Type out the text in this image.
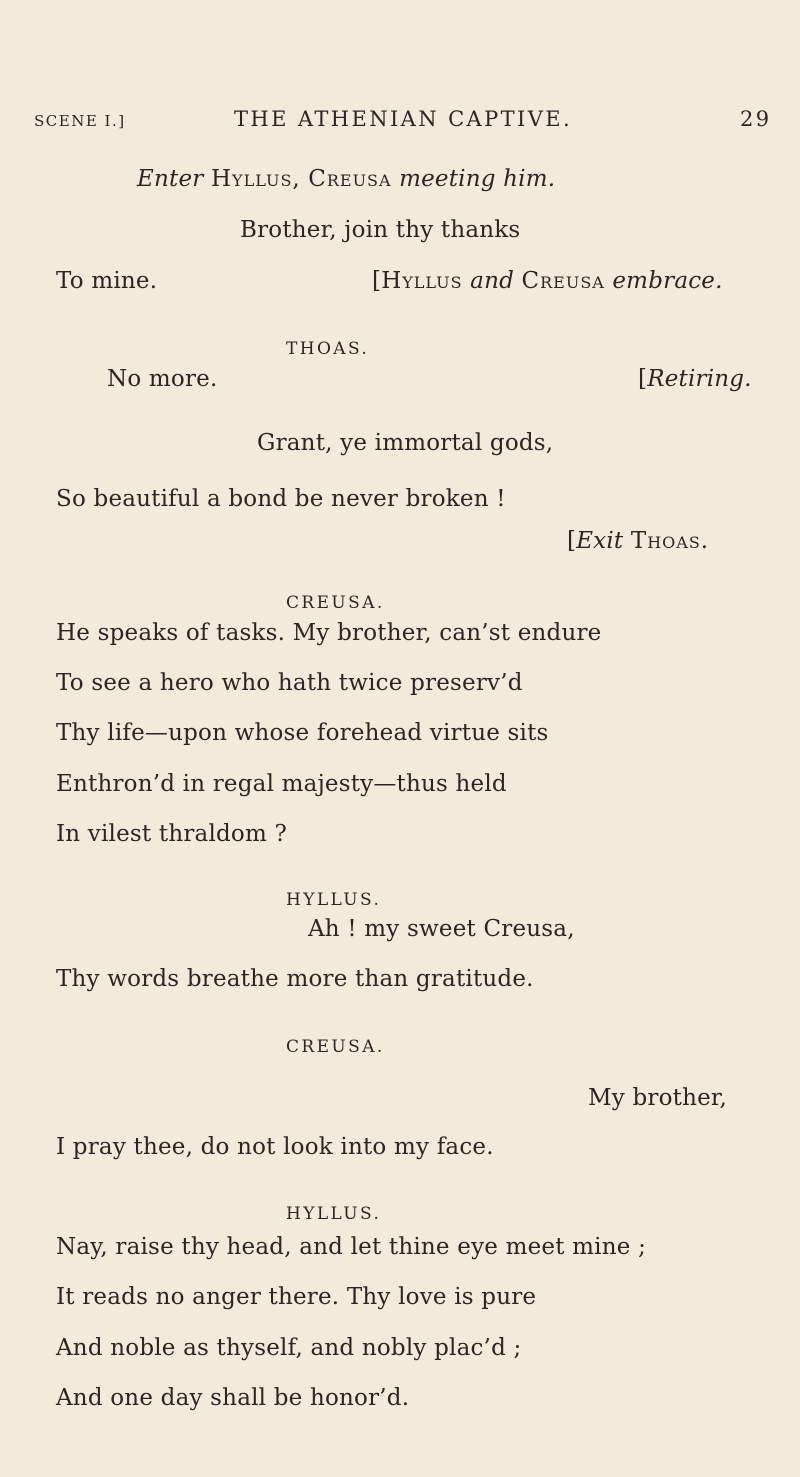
SCENE I.]	THE ATHENIAN CAPTIVE.	29
Enter Hyllus, Creusa meeting him.
Brother, join thy thanks
To mine.	[Hyllus and Creusa embrace.
THOAS.
No more.	[Retiring.
Grant, ye immortal gods,
So beautiful a bond be never broken !
[Exit Thoas.
CREUSA.
He speaks of tasks. My brother, can’st endure
To see a hero who hath twice preserv’d
Thy life—upon whose forehead virtue sits
Enthron’d in regal majesty—thus held
In vilest thraldom ?
HYLLUS.
Ah ! my sweet Creusa,
Thy words breathe more than gratitude.
CREUSA.
My brother,
I pray thee, do not look into my face.
HYLLUS.
Nay, raise thy head, and let thine eye meet mine ;
It reads no anger there. Thy love is pure
And noble as thyself, and nobly plac’d ;
And one day shall be honor’d.
